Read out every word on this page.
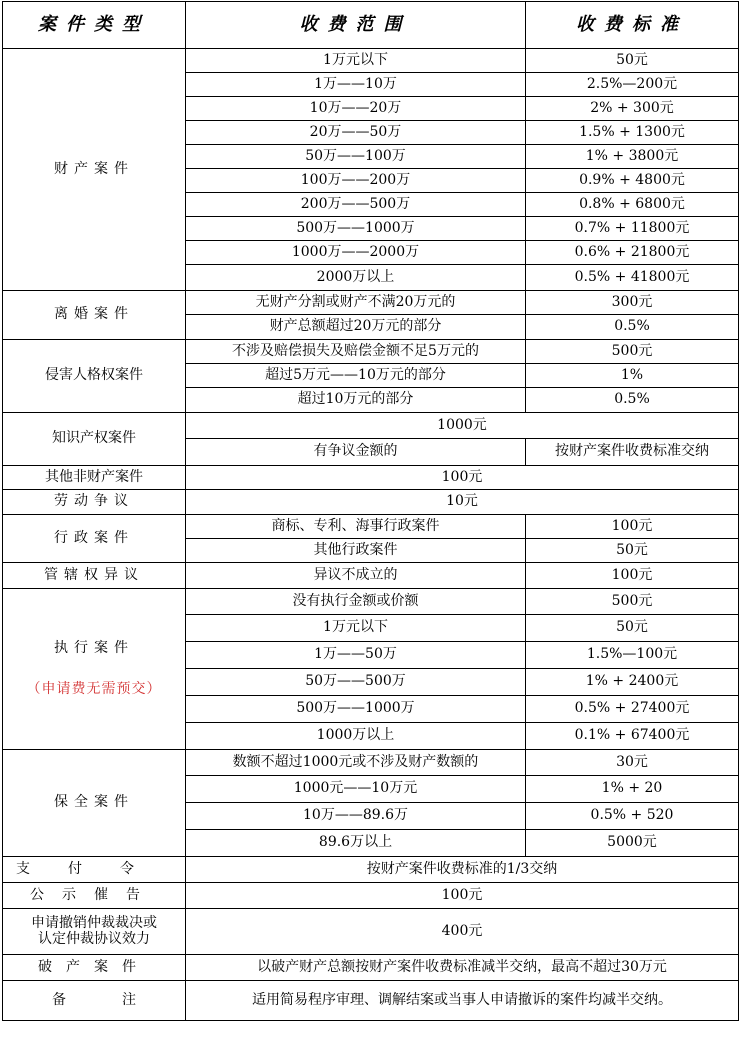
案件类型	收费范围	收费标准
财产案件	1万元以下	50元
	1万——10万	2.5%—200元
	10万——20万	2% + 300元
	20万——50万	1.5% + 1300元
	50万——100万	1% + 3800元
	100万——200万	0.9% + 4800元
	200万——500万	0.8% + 6800元
	500万——1000万	0.7% + 11800元
	1000万——2000万	0.6% + 21800元
	2000万以上	0.5% + 41800元
离婚案件	无财产分割或财产不满20万元的	300元
	财产总额超过20万元的部分	0.5%
侵害人格权案件	不涉及赔偿损失及赔偿金额不足5万元的	500元
	超过5万元——10万元的部分	1%
	超过10万元的部分	0.5%
知识产权案件	1000元	
	有争议金额的	按财产案件收费标准交纳
其他非财产案件	100元	
劳动争议	10元	
行政案件	商标、专利、海事行政案件	100元
	其他行政案件	50元
管辖权异议	异议不成立的	100元

执行案件
（申请费无需预交）	没有执行金额或价额	500元
	1万元以下	50元
	1万——50万	1.5%—100元
	50万——500万	1% + 2400元
	500万——1000万	0.5% + 27400元
	1000万以上	0.1% + 67400元
保全案件	数额不超过1000元或不涉及财产数额的	30元
	1000元——10万元	1% + 20
	10万——89.6万	0.5% + 520
	89.6万以上	5000元
支付令	按财产案件收费标准的1/3交纳	
公示催告	100元	

申请撤销仲裁裁决或
认定仲裁协议效力	400元	
破产案件	以破产财产总额按财产案件收费标准减半交纳，最高不超过30万元	
备　　　　注	适用简易程序审理、调解结案或当事人申请撤诉的案件均减半交纳。	
